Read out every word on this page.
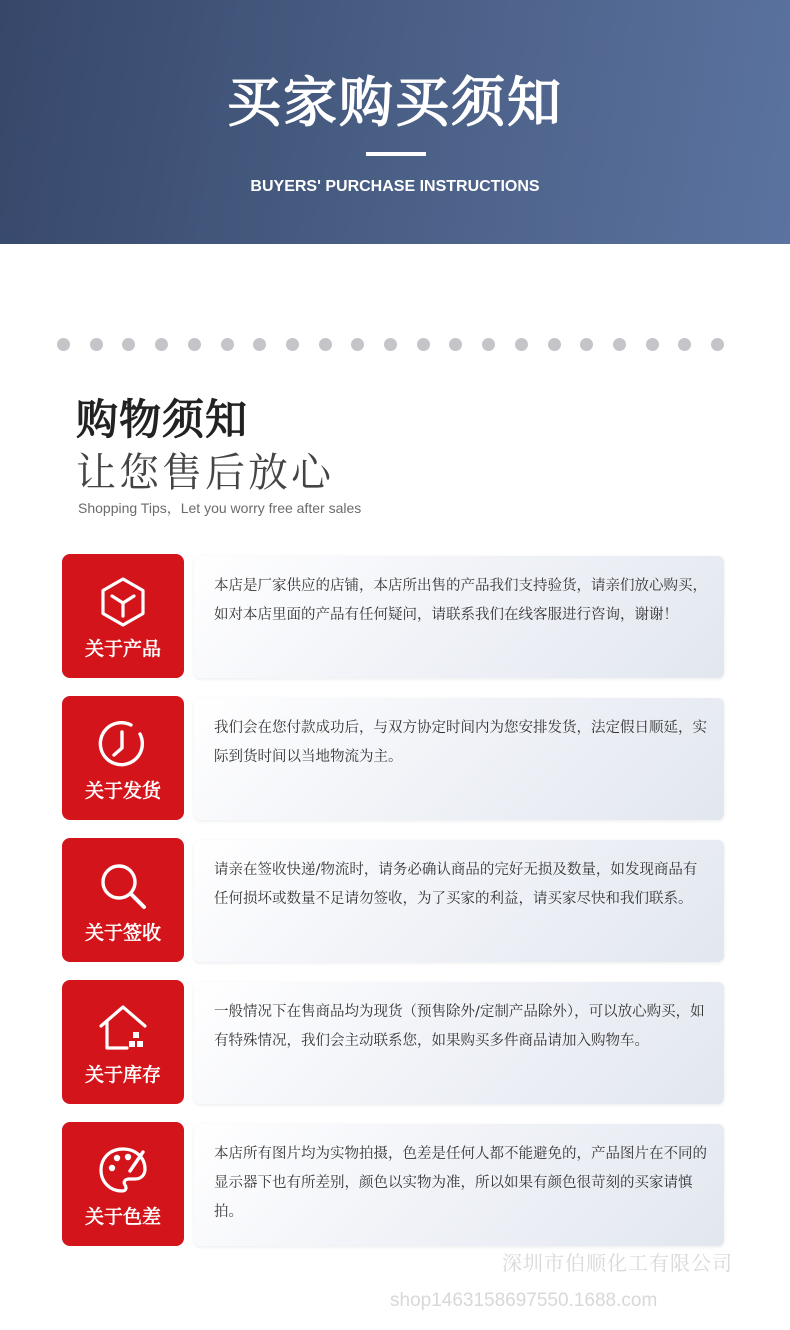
买家购买须知
BUYERS' PURCHASE INSTRUCTIONS
购物须知
让您售后放心
Shopping Tips，Let you worry free after sales
关于产品
本店是厂家供应的店铺，本店所出售的产品我们支持验货，请亲们放心购买，如对本店里面的产品有任何疑问，请联系我们在线客服进行咨询，谢谢！
关于发货
我们会在您付款成功后，与双方协定时间内为您安排发货，法定假日顺延，实际到货时间以当地物流为主。
关于签收
请亲在签收快递/物流时，请务必确认商品的完好无损及数量，如发现商品有任何损坏或数量不足请勿签收，为了买家的利益，请买家尽快和我们联系。
关于库存
一般情况下在售商品均为现货（预售除外/定制产品除外），可以放心购买，如有特殊情况，我们会主动联系您，如果购买多件商品请加入购物车。
关于色差
本店所有图片均为实物拍摄，色差是任何人都不能避免的，产品图片在不同的显示器下也有所差别，颜色以实物为准，所以如果有颜色很苛刻的买家请慎拍。
深圳市伯顺化工有限公司
shop1463158697550.1688.com
